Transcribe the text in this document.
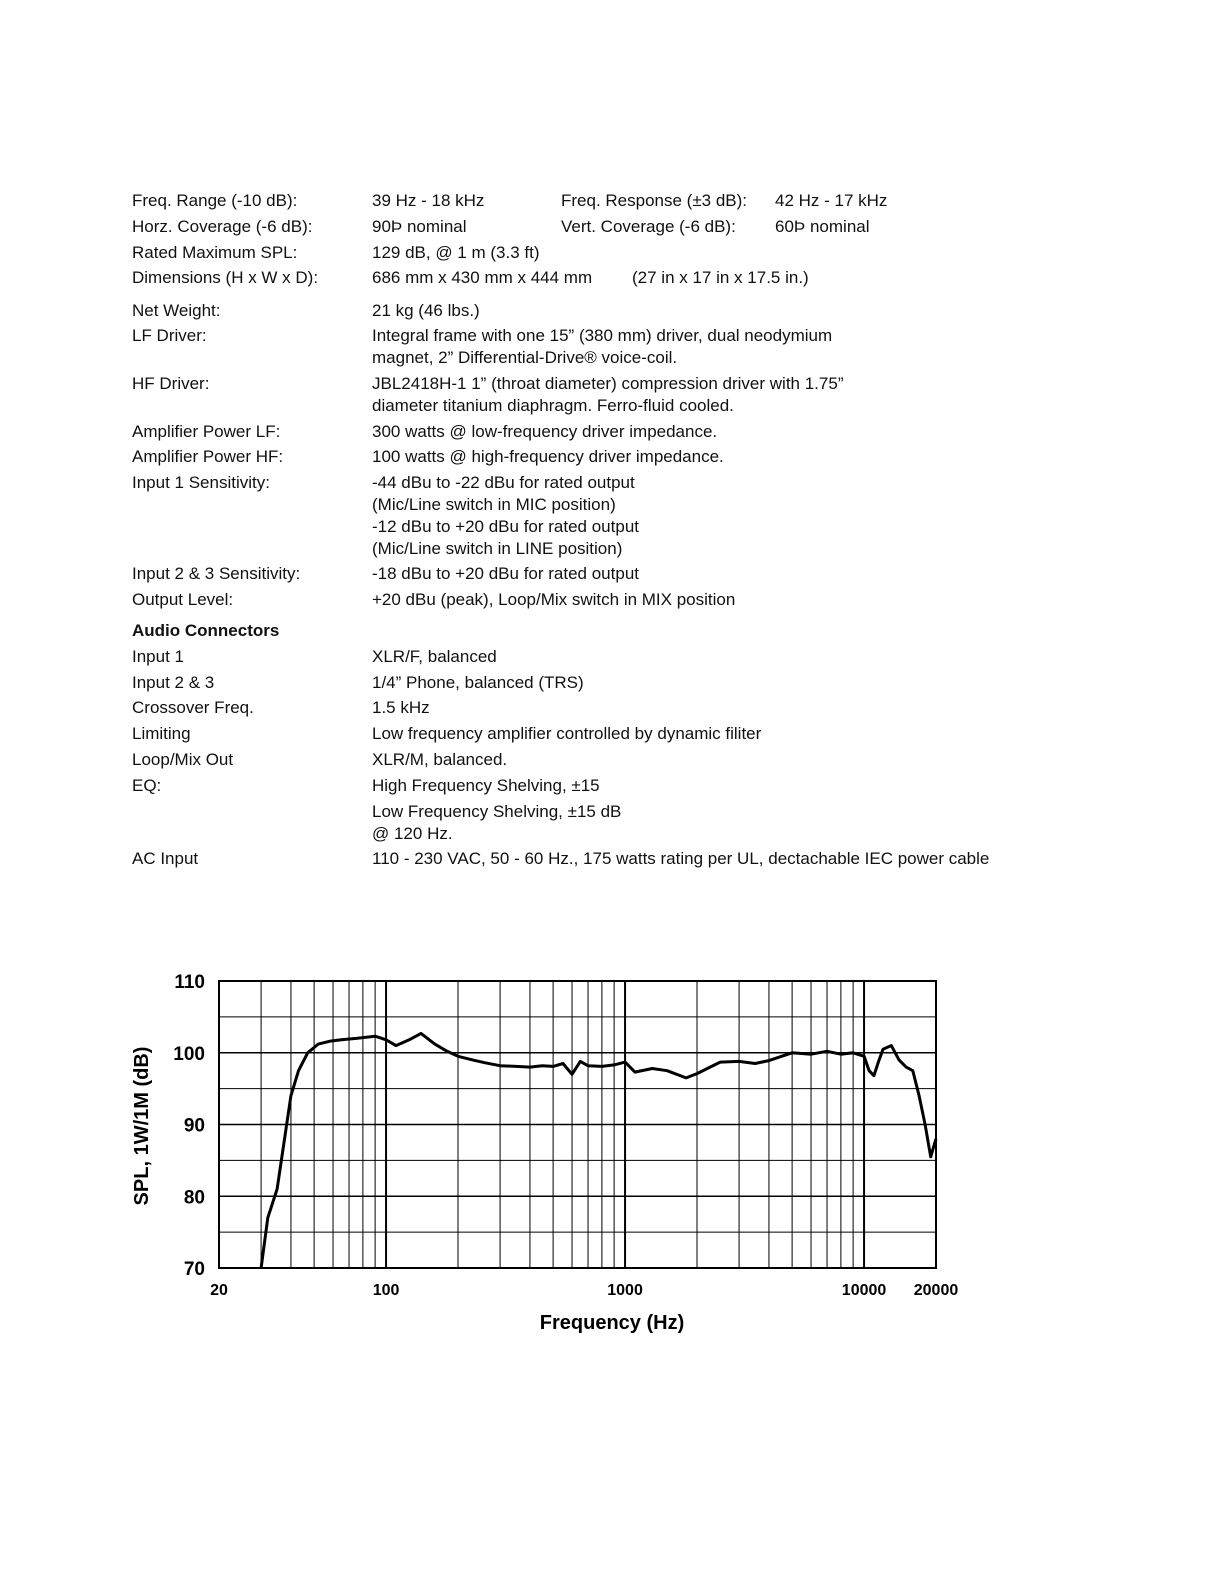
Freq. Range (-10 dB):	39 Hz - 18 kHz	Freq. Response (±3 dB): 42 Hz - 17 kHz
Horz. Coverage (-6 dB):	90Þ nominal	Vert. Coverage (-6 dB): 60Þ nominal
Rated Maximum SPL:	129 dB, @ 1 m (3.3 ft)
Dimensions (H x W x D):	686 mm x 430 mm x 444 mm (27 in x 17 in x 17.5 in.)
Net Weight:	21 kg (46 lbs.)
LF Driver:	Integral frame with one 15” (380 mm) driver, dual neodymium
magnet, 2” Differential-Drive® voice-coil.
HF Driver:	JBL2418H-1 1” (throat diameter) compression driver with 1.75”
diameter titanium diaphragm. Ferro-fluid cooled.
Amplifier Power LF:	300 watts @ low-frequency driver impedance.
Amplifier Power HF:	100 watts @ high-frequency driver impedance.
Input 1 Sensitivity:	-44 dBu to -22 dBu for rated output
(Mic/Line switch in MIC position)
-12 dBu to +20 dBu for rated output
(Mic/Line switch in LINE position)
Input 2 & 3 Sensitivity:	-18 dBu to +20 dBu for rated output
Output Level:	+20 dBu (peak), Loop/Mix switch in MIX position
Audio Connectors
Input 1	XLR/F, balanced
Input 2 & 3	1/4” Phone, balanced (TRS)
Crossover Freq.	1.5 kHz
Limiting	Low frequency amplifier controlled by dynamic filiter
Loop/Mix Out	XLR/M, balanced.
EQ:	High Frequency Shelving, ±15
Low Frequency Shelving, ±15 dB
@ 120 Hz.
AC Input	110 - 230 VAC, 50 - 60 Hz., 175 watts rating per UL, dectachable IEC power cable
70
80
90
100
110
20	100	1000	10000 20000
Frequency (Hz)
SPL, 1W/1M (dB)
